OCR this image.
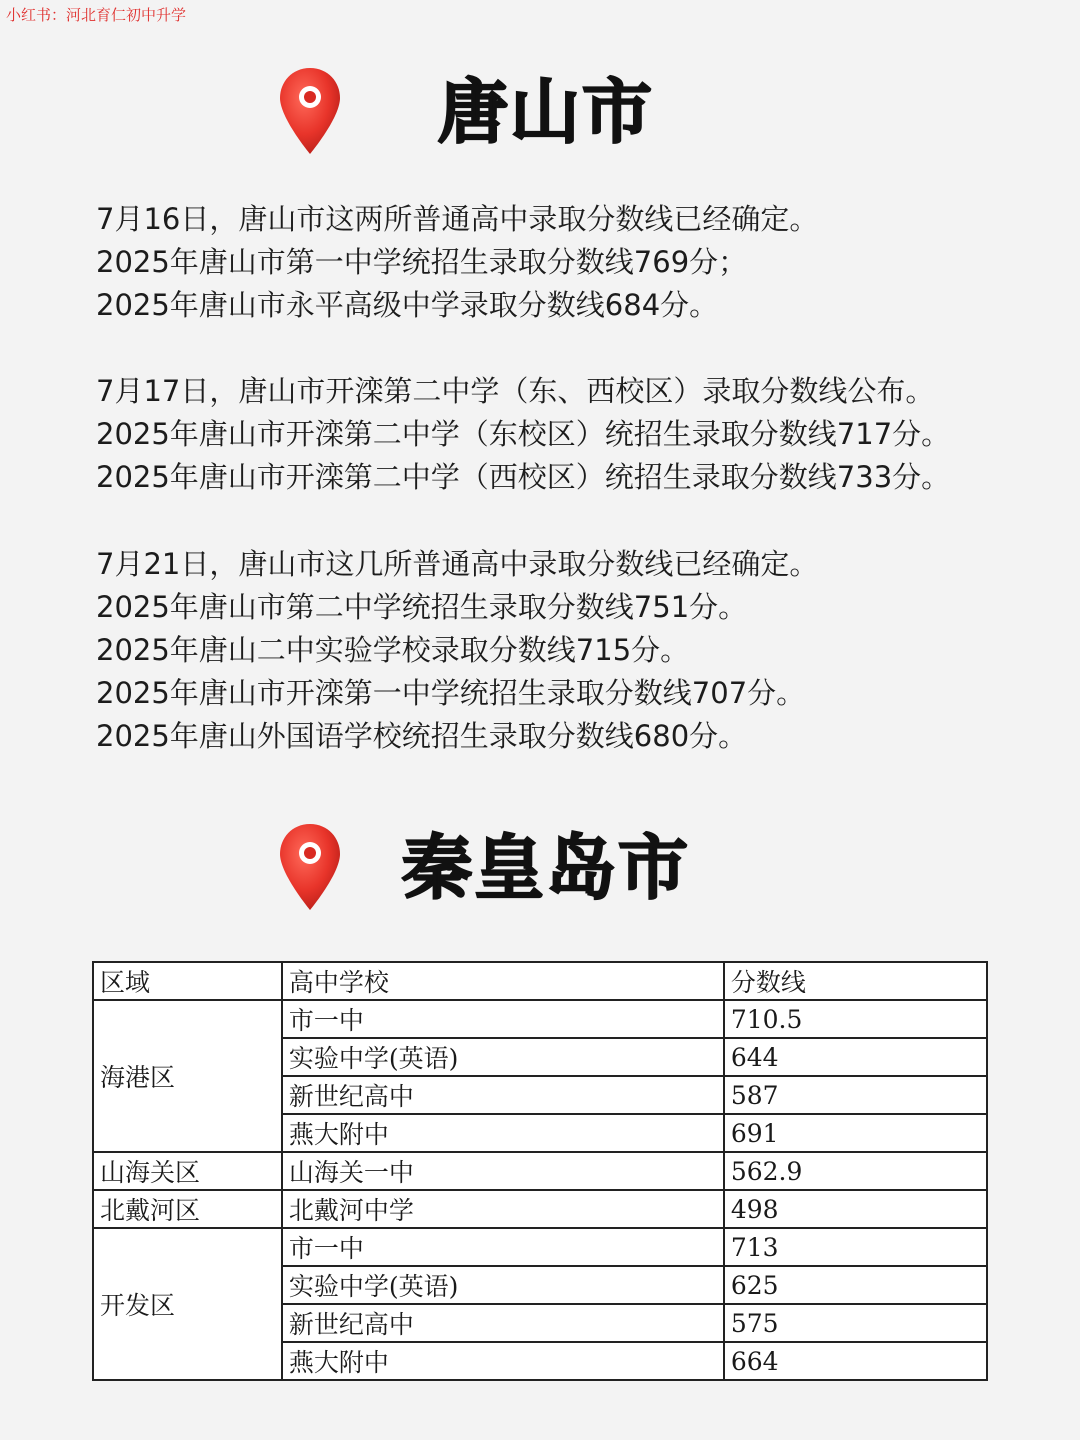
小红书：河北育仁初中升学
唐山市
7月16日，唐山市这两所普通高中录取分数线已经确定。
2025年唐山市第一中学统招生录取分数线769分；
2025年唐山市永平高级中学录取分数线684分。
7月17日，唐山市开滦第二中学（东、西校区）录取分数线公布。
2025年唐山市开滦第二中学（东校区）统招生录取分数线717分。
2025年唐山市开滦第二中学（西校区）统招生录取分数线733分。
7月21日，唐山市这几所普通高中录取分数线已经确定。
2025年唐山市第二中学统招生录取分数线751分。
2025年唐山二中实验学校录取分数线715分。
2025年唐山市开滦第一中学统招生录取分数线707分。
2025年唐山外国语学校统招生录取分数线680分。
秦皇岛市
区域	高中学校	分数线
海港区	市一中	710.5
	实验中学(英语)	644
	新世纪高中	587
	燕大附中	691
山海关区	山海关一中	562.9
北戴河区	北戴河中学	498
开发区	市一中	713
	实验中学(英语)	625
	新世纪高中	575
	燕大附中	664
